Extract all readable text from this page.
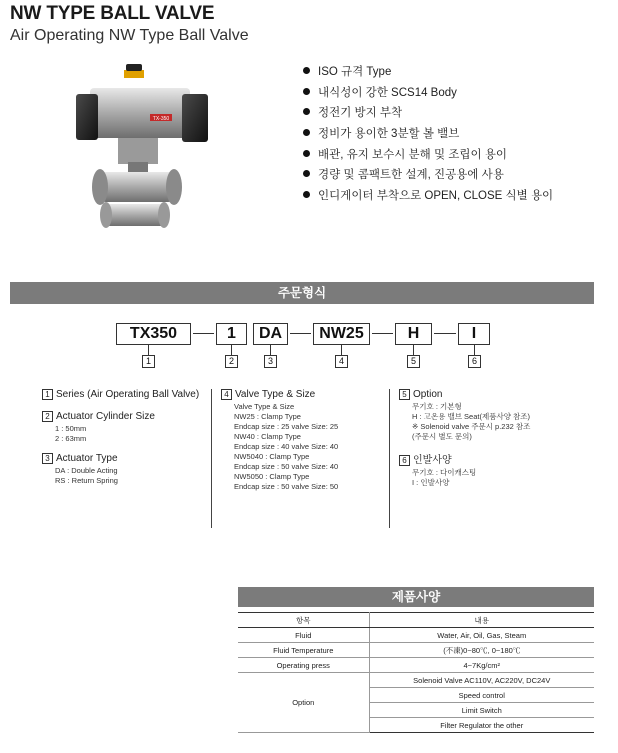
NW TYPE BALL VALVE
Air Operating NW Type Ball Valve
TX-350
ISO 규격 Type
내식성이 강한 SCS14 Body
정전기 방지 부착
정비가 용이한 3분할 볼 밸브
배관, 유지 보수시 분해 및 조립이 용이
경량 및 콤팩트한 설계, 진공용에 사용
인디게이터 부착으로 OPEN, CLOSE 식별 용이
주문형식
TX350	1	DA	NW25	H	I
1	2	3	4	5	6
1 Series (Air Operating Ball Valve)
2 Actuator Cylinder Size
1 : 50mm
2 : 63mm
3 Actuator Type
DA : Double Acting
RS : Return Spring
4 Valve Type & Size
Valve Type & Size
NW25 : Clamp Type
Endcap size : 25 valve Size: 25
NW40 : Clamp Type
Endcap size : 40 valve Size: 40
NW5040 : Clamp Type
Endcap size : 50 valve Size: 40
NW5050 : Clamp Type
Endcap size : 50 valve Size: 50
5 Option
무기호 : 기본형
H : 고온용 밸브 Seat(제품사양 참조)
※ Solenoid valve 주문시 p.232 참조
(주문시 별도 문의)
6 인발사양
무기호 : 다이캐스팅
I : 인발사양
제품사양
항목	내용
Fluid	Water, Air, Oil, Gas, Steam
Fluid Temperature	(不凍)0~80℃, 0~180℃
Operating press	4~7Kg/cm²
Option	Solenoid Valve AC110V, AC220V, DC24V
	Speed control
	Limit Switch
	Filter Regulator the other
